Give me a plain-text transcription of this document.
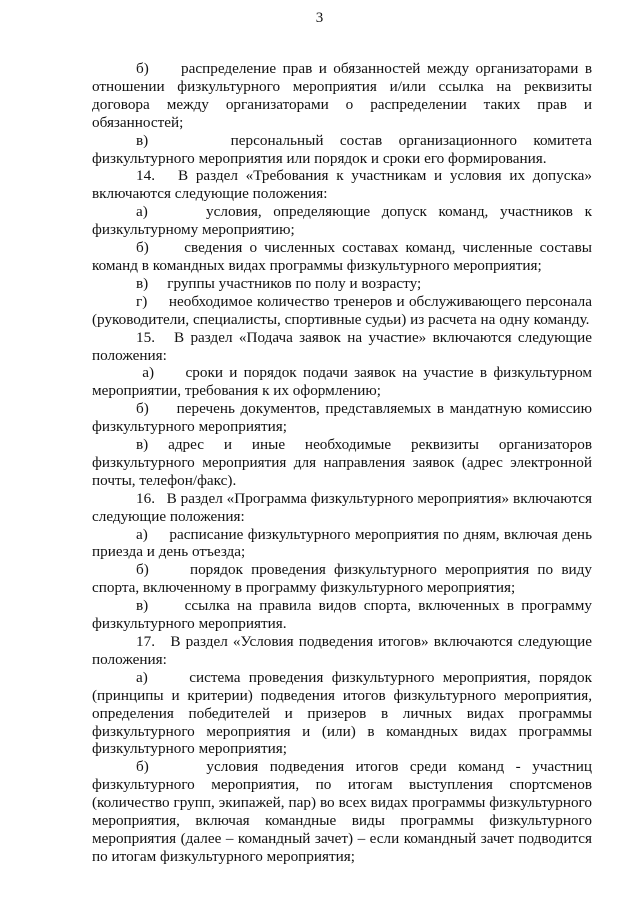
3

б)     распределение прав и обязанностей между организаторами в отношении физкультурного мероприятия и/или ссылка на реквизиты договора между организаторами о распределении таких прав и обязанностей;

в)     персональный состав организационного комитета физкультурного мероприятия или порядок и сроки его формирования.

14.   В раздел «Требования к участникам и условия их допуска» включаются следующие положения:

а)     условия, определяющие допуск команд, участников к физкультурному мероприятию;

б)     сведения о численных составах команд, численные составы команд в командных видах программы физкультурного мероприятия;

в)     группы участников по полу и возрасту;

г)     необходимое количество тренеров и обслуживающего персонала (руководители, специалисты, спортивные судьи) из расчета на одну команду.

15.   В раздел «Подача заявок на участие» включаются следующие положения:

а)     сроки и порядок подачи заявок на участие в физкультурном мероприятии, требования к их оформлению;

б)     перечень документов, представляемых в мандатную комиссию физкультурного мероприятия;

в) адрес и иные необходимые реквизиты организаторов физкультурного мероприятия для направления заявок (адрес электронной почты, телефон/факс).

16.   В раздел «Программа физкультурного мероприятия» включаются следующие положения:

а)     расписание физкультурного мероприятия по дням, включая день приезда и день отъезда;

б)     порядок проведения физкультурного мероприятия по виду спорта, включенному в программу физкультурного мероприятия;

в)     ссылка на правила видов спорта, включенных в программу физкультурного мероприятия.

17.   В раздел «Условия подведения итогов» включаются следующие положения:

а)     система проведения физкультурного мероприятия, порядок (принципы и критерии) подведения итогов физкультурного мероприятия, определения победителей и призеров в личных видах программы физкультурного мероприятия и (или) в командных видах программы физкультурного мероприятия;

б)     условия подведения итогов среди команд - участниц физкультурного мероприятия, по итогам выступления спортсменов (количество групп, экипажей, пар) во всех видах программы физкультурного мероприятия, включая командные виды программы физкультурного мероприятия (далее – командный зачет) – если командный зачет подводится по итогам физкультурного мероприятия;
